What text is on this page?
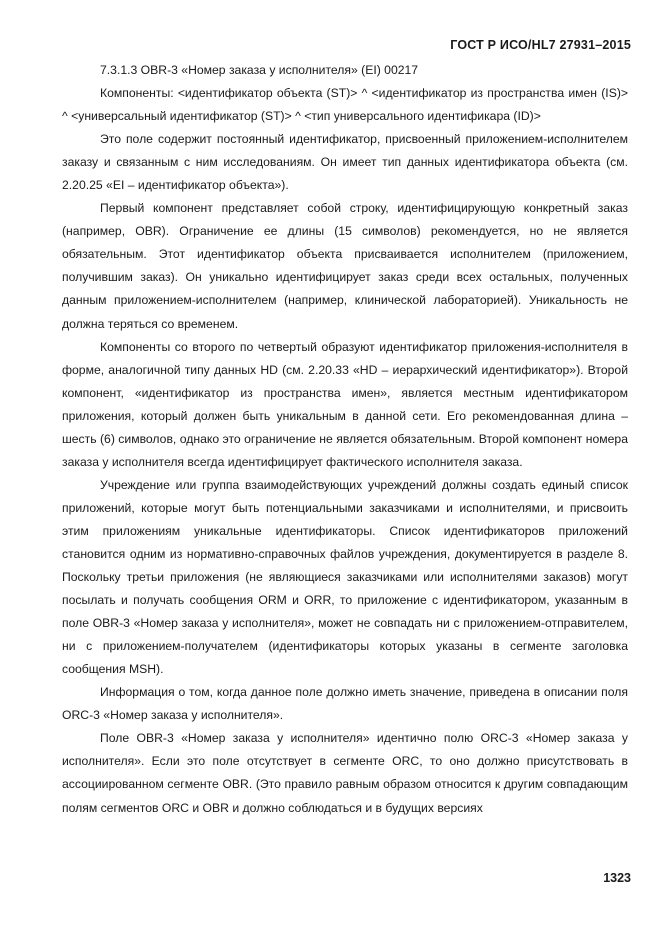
ГОСТ Р ИСО/HL7 27931–2015

7.3.1.3 OBR-3 «Номер заказа у исполнителя» (EI) 00217

Компоненты: <идентификатор объекта (ST)> ^ <идентификатор из пространства имен (IS)> ^ <универсальный идентификатор (ST)> ^ <тип универсального идентификара (ID)>

Это поле содержит постоянный идентификатор, присвоенный приложением-исполнителем заказу и связанным с ним исследованиям. Он имеет тип данных идентификатора объекта (см. 2.20.25 «EI – идентификатор объекта»).

Первый компонент представляет собой строку, идентифицирующую конкретный заказ (например, OBR). Ограничение ее длины (15 символов) рекомендуется, но не является обязательным. Этот идентификатор объекта присваивается исполнителем (приложением, получившим заказ). Он уникально идентифицирует заказ среди всех остальных, полученных данным приложением-исполнителем (например, клинической лабораторией). Уникальность не должна теряться со временем.

Компоненты со второго по четвертый образуют идентификатор приложения-исполнителя в форме, аналогичной типу данных HD (см. 2.20.33 «HD – иерархический идентификатор»). Второй компонент, «идентификатор из пространства имен», является местным идентификатором приложения, который должен быть уникальным в данной сети. Его рекомендованная длина – шесть (6) символов, однако это ограничение не является обязательным. Второй компонент номера заказа у исполнителя всегда идентифицирует фактического исполнителя заказа.

Учреждение или группа взаимодействующих учреждений должны создать единый список приложений, которые могут быть потенциальными заказчиками и исполнителями, и присвоить этим приложениям уникальные идентификаторы. Список идентификаторов приложений становится одним из нормативно-справочных файлов учреждения, документируется в разделе 8. Поскольку третьи приложения (не являющиеся заказчиками или исполнителями заказов) могут посылать и получать сообщения ORM и ORR, то приложение с идентификатором, указанным в поле OBR-3 «Номер заказа у исполнителя», может не совпадать ни с приложением-отправителем, ни с приложением-получателем (идентификаторы которых указаны в сегменте заголовка сообщения MSH).

Информация о том, когда данное поле должно иметь значение, приведена в описании поля ORC-3 «Номер заказа у исполнителя».

Поле OBR-3 «Номер заказа у исполнителя» идентично полю ORC-3 «Номер заказа у исполнителя». Если это поле отсутствует в сегменте ORC, то оно должно присутствовать в ассоциированном сегменте OBR. (Это правило равным образом относится к другим совпадающим полям сегментов ORC и OBR и должно соблюдаться и в будущих версиях

1323
